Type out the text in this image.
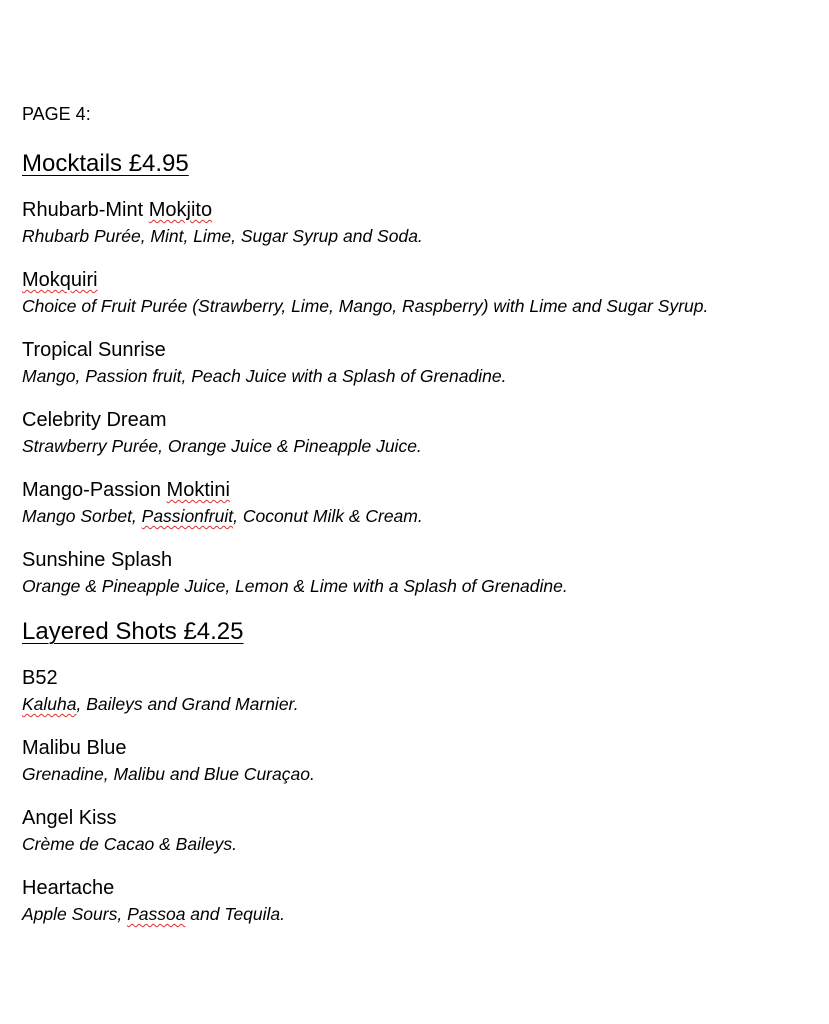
PAGE 4:
Mocktails £4.95
Rhubarb-Mint Mokjito
Rhubarb Purée, Mint, Lime, Sugar Syrup and Soda.
Mokquiri
Choice of Fruit Purée (Strawberry, Lime, Mango, Raspberry) with Lime and Sugar Syrup.
Tropical Sunrise
Mango, Passion fruit, Peach Juice with a Splash of Grenadine.
Celebrity Dream
Strawberry Purée, Orange Juice & Pineapple Juice.
Mango-Passion Moktini
Mango Sorbet, Passionfruit, Coconut Milk & Cream.
Sunshine Splash
Orange & Pineapple Juice, Lemon & Lime with a Splash of Grenadine.
Layered Shots £4.25
B52
Kaluha, Baileys and Grand Marnier.
Malibu Blue
Grenadine, Malibu and Blue Curaçao.
Angel Kiss
Crème de Cacao & Baileys.
Heartache
Apple Sours, Passoa and Tequila.
